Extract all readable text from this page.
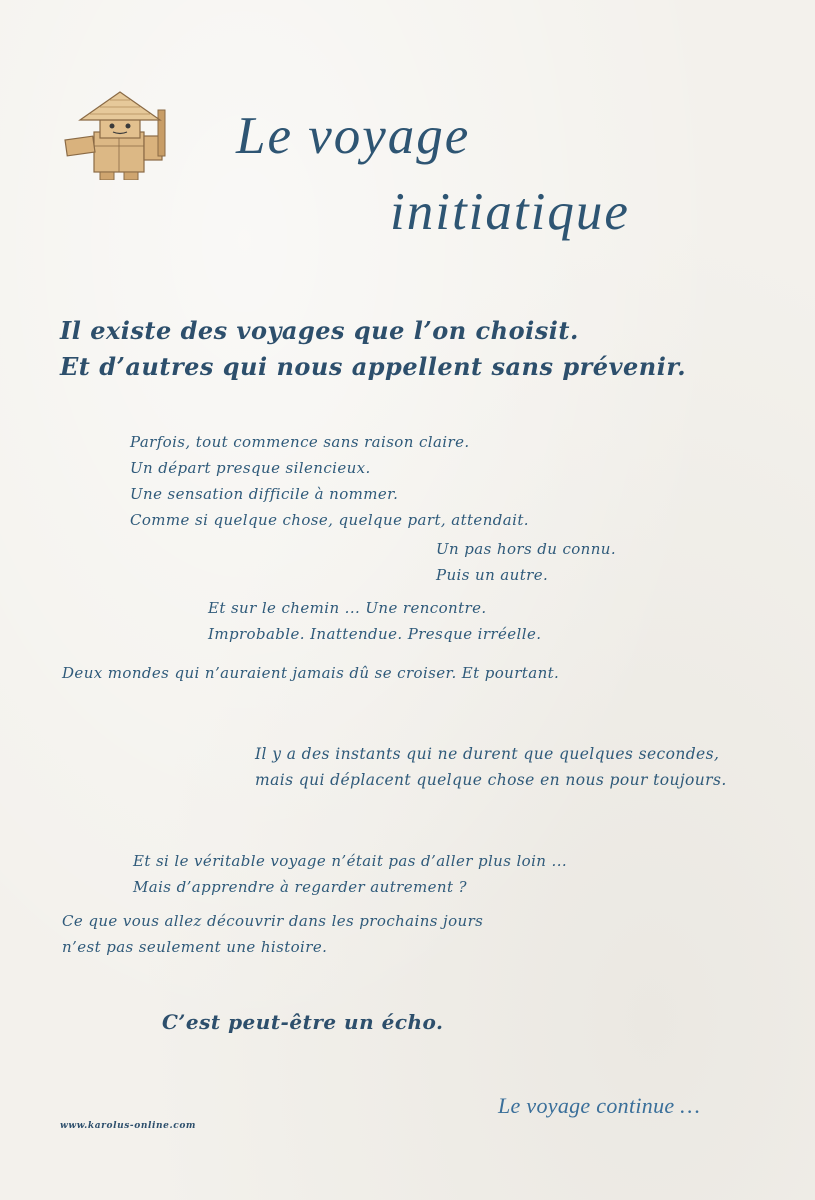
Le voyage
initiatique

Il existe des voyages que l’on choisit.
Et d’autres qui nous appellent sans prévenir.

Parfois, tout commence sans raison claire.
Un départ presque silencieux.
Une sensation difficile à nommer.
Comme si quelque chose, quelque part, attendait.

Un pas hors du connu.
Puis un autre.

Et sur le chemin ... Une rencontre.
Improbable. Inattendue. Presque irréelle.

Deux mondes qui n’auraient jamais dû se croiser. Et pourtant.

Il y a des instants qui ne durent que quelques secondes,
mais qui déplacent quelque chose en nous pour toujours.

Et si le véritable voyage n’était pas d’aller plus loin ...
Mais d’apprendre à regarder autrement ?

Ce que vous allez découvrir dans les prochains jours
n’est pas seulement une histoire.

C’est peut-être un écho.

Le voyage continue …

www.karolus-online.com
